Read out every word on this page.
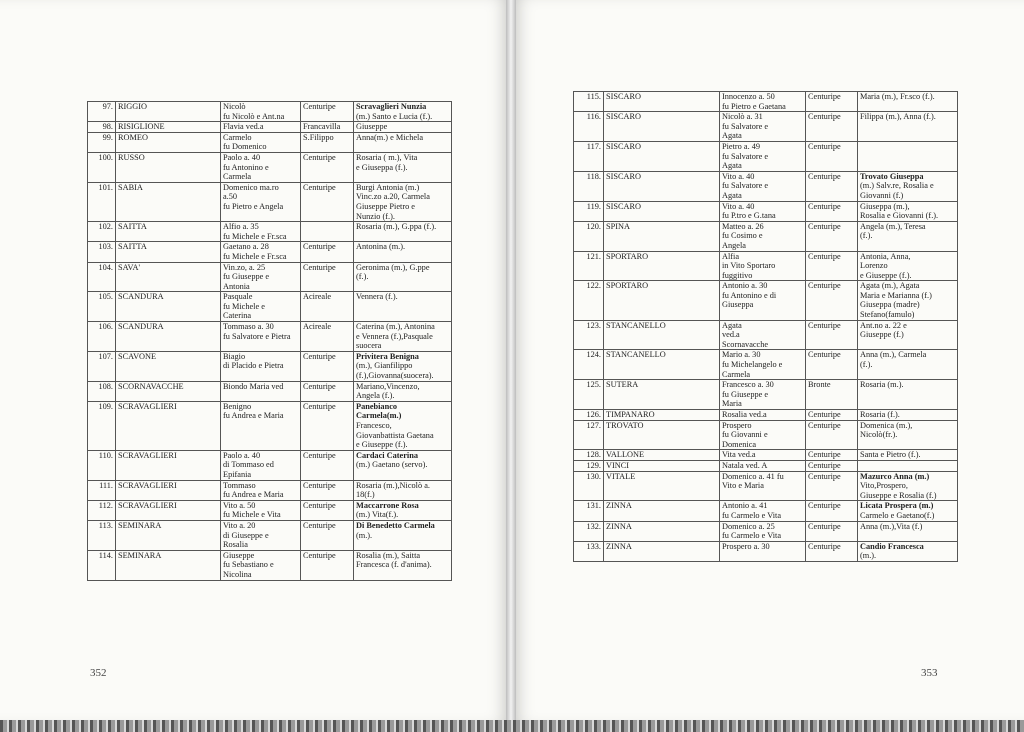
97.	RIGGIO	Nicolò
fu Nicolò e Ant.na	Centuripe	Scravaglieri Nunzia
(m.) Santo e Lucia (f.).

98.	RISIGLIONE	Flavia ved.a	Francavilla	Giuseppe

99.	ROMEO	Carmelo
fu Domenico	S.Filippo	Anna(m.) e Michela

100.	RUSSO	Paolo a. 40
fu Antonino e
Carmela	Centuripe	Rosaria ( m.), Vita
e Giuseppa (f.).

101.	SABIA	Domenico ma.ro
a.50
fu Pietro e Angela	Centuripe	Burgi Antonia (m.)
Vinc.zo a.20, Carmela
Giuseppe Pietro e
Nunzio (f.).

102.	SAITTA	Alfio a. 35
fu Michele e Fr.sca		Rosaria (m.), G.ppa (f.).

103.	SAITTA	Gaetano a. 28
fu Michele e Fr.sca	Centuripe	Antonina (m.).

104.	SAVA'	Vin.zo, a. 25
fu Giuseppe e
Antonia	Centuripe	Geronima (m.), G.ppe
(f.).

105.	SCANDURA	Pasquale
fu Michele e
Caterina	Acireale	Vennera (f.).

106.	SCANDURA	Tommaso a. 30
fu Salvatore e Pietra	Acireale	Caterina (m.), Antonina
e Vennera (f.),Pasquale
suocera

107.	SCAVONE	Biagio
di Placido e Pietra	Centuripe	Privitera Benigna
(m.), Gianfilippo
(f.),Giovanna(suocera).

108.	SCORNAVACCHE	Biondo Maria ved	Centuripe	Mariano,Vincenzo,
Angela (f.).

109.	SCRAVAGLIERI	Benigno
fu Andrea e Maria	Centuripe	Panebianco
Carmela(m.)
Francesco,
Giovanbattista Gaetana
e Giuseppe (f.).

110.	SCRAVAGLIERI	Paolo a. 40
di Tommaso ed
Epifania	Centuripe	Cardaci Caterina
(m.) Gaetano (servo).

111.	SCRAVAGLIERI	Tommaso
fu Andrea e Maria	Centuripe	Rosaria (m.),Nicolò a.
18(f.)

112.	SCRAVAGLIERI	Vito a. 50
fu Michele e Vita	Centuripe	Maccarrone Rosa
(m.) Vita(f.).

113.	SEMINARA	Vito a. 20
di Giuseppe e
Rosalia	Centuripe	Di Benedetto Carmela
(m.).

114.	SEMINARA	Giuseppe
fu Sebastiano e
Nicolina	Centuripe	Rosalia (m.), Saitta
Francesca (f. d'anima).
352
115.	SISCARO	Innocenzo a. 50
fu Pietro e Gaetana	Centuripe	Maria (m.), Fr.sco (f.).

116.	SISCARO	Nicolò a. 31
fu Salvatore e
Agata	Centuripe	Filippa (m.), Anna (f.).

117.	SISCARO	Pietro a. 49
fu Salvatore e
Agata	Centuripe	
118.	SISCARO	Vito a. 40
fu Salvatore e
Agata	Centuripe	Trovato Giuseppa
(m.) Salv.re, Rosalia e
Giovanni (f.)

119.	SISCARO	Vito a. 40
fu P.tro e G.tana	Centuripe	Giuseppa (m.),
Rosalia e Giovanni (f.).

120.	SPINA	Matteo a. 26
fu Cosimo e
Angela	Centuripe	Angela (m.), Teresa
(f.).

121.	SPORTARO	Alfia
in Vito Sportaro
fuggitivo	Centuripe	Antonia, Anna,
Lorenzo
e Giuseppe (f.).

122.	SPORTARO	Antonio a. 30
fu Antonino e di
Giuseppa	Centuripe	Agata (m.), Agata
Maria e Marianna (f.)
Giuseppa (madre)
Stefano(famulo)

123.	STANCANELLO	Agata
ved.a
Scornavacche	Centuripe	Ant.no a. 22 e
Giuseppe (f.)

124.	STANCANELLO	Mario a. 30
fu Michelangelo e
Carmela	Centuripe	Anna (m.), Carmela
(f.).

125.	SUTERA	Francesco a. 30
fu Giuseppe e
Maria	Bronte	Rosaria (m.).

126.	TIMPANARO	Rosalia ved.a	Centuripe	Rosaria (f.).

127.	TROVATO	Prospero
fu Giovanni e
Domenica	Centuripe	Domenica (m.),
Nicolò(fr.).

128.	VALLONE	Vita ved.a	Centuripe	Santa e Pietro (f.).

129.	VINCI	Natala ved. A	Centuripe	
130.	VITALE	Domenico a. 41 fu
Vito e Maria	Centuripe	Mazurco Anna (m.)
Vito,Prospero,
Giuseppe e Rosalia (f.)

131.	ZINNA	Antonio a. 41
fu Carmelo e Vita	Centuripe	Licata Prospera (m.)
Carmelo e Gaetano(f.)

132.	ZINNA	Domenico a. 25
fu Carmelo e Vita	Centuripe	Anna (m.),Vita (f.)

133.	ZINNA	Prospero a. 30	Centuripe	Candio Francesca
(m.).
353
